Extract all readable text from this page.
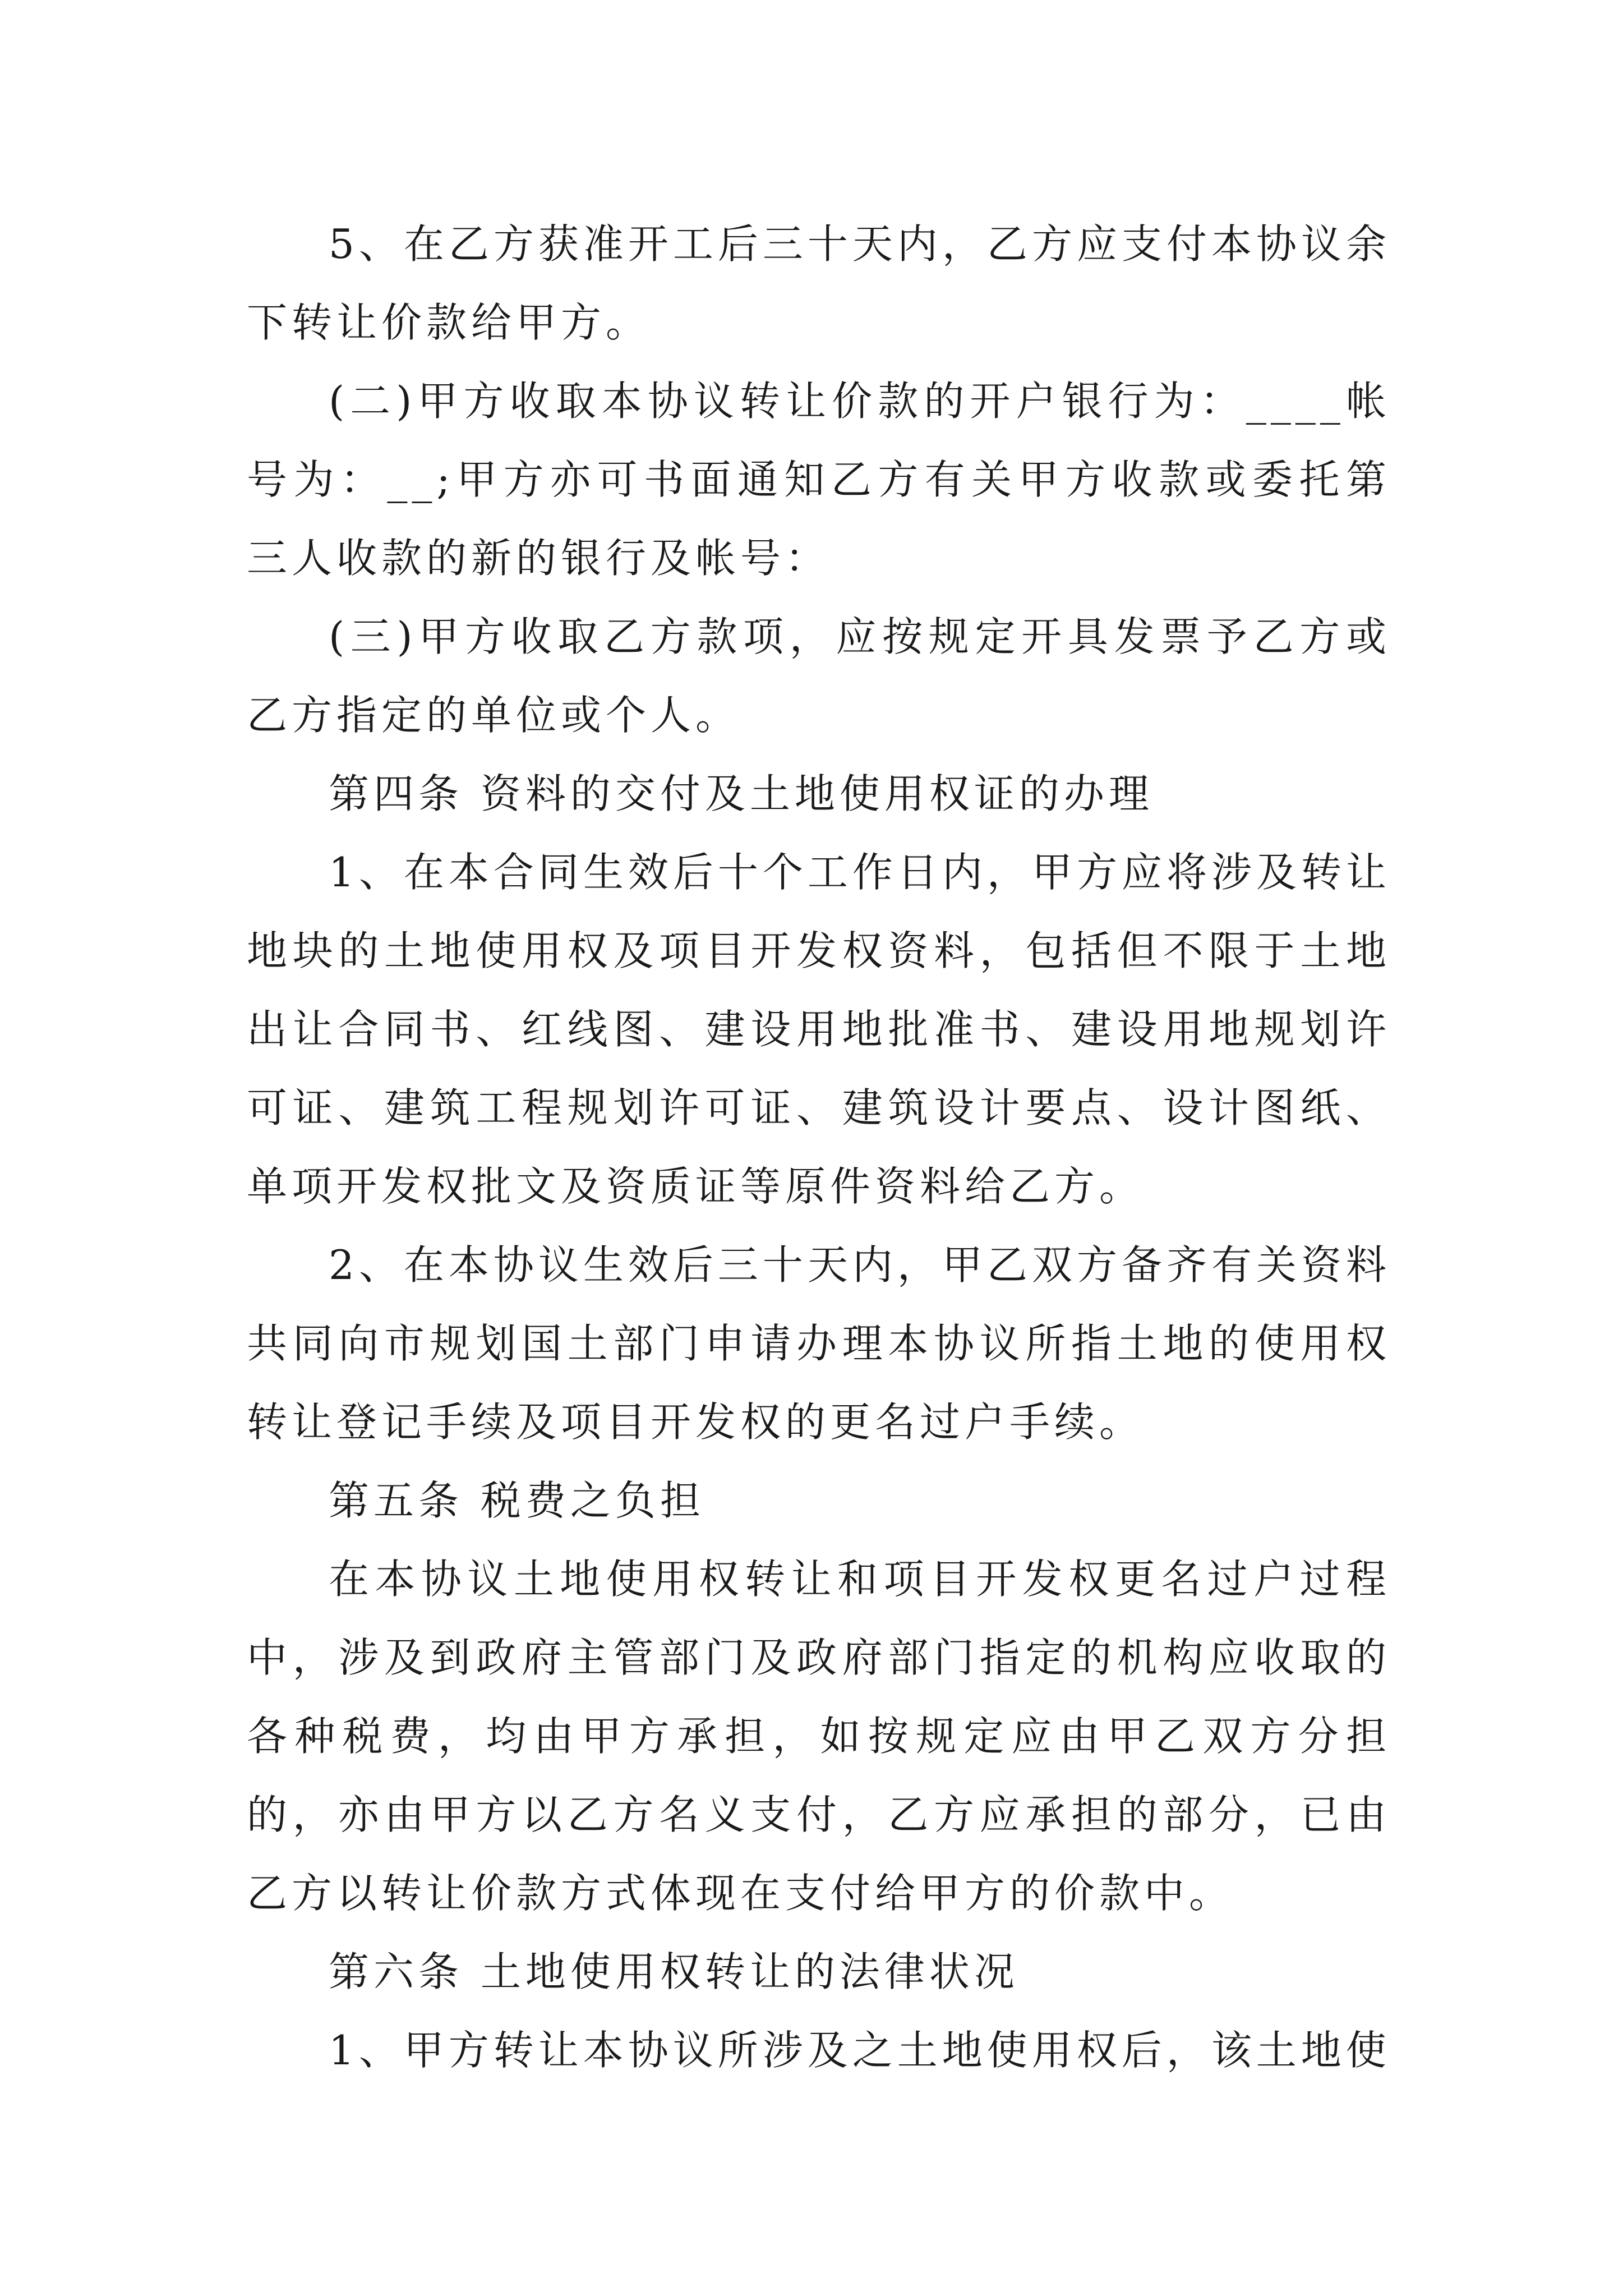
5、在乙方获准开工后三十天内，乙方应支付本协议余下转让价款给甲方。

(二)甲方收取本协议转让价款的开户银行为：____帐号为：__;甲方亦可书面通知乙方有关甲方收款或委托第三人收款的新的银行及帐号：

(三)甲方收取乙方款项，应按规定开具发票予乙方或乙方指定的单位或个人。

第四条 资料的交付及土地使用权证的办理

1、在本合同生效后十个工作日内，甲方应将涉及转让地块的土地使用权及项目开发权资料，包括但不限于土地出让合同书、红线图、建设用地批准书、建设用地规划许可证、建筑工程规划许可证、建筑设计要点、设计图纸、单项开发权批文及资质证等原件资料给乙方。

2、在本协议生效后三十天内，甲乙双方备齐有关资料共同向市规划国土部门申请办理本协议所指土地的使用权转让登记手续及项目开发权的更名过户手续。

第五条 税费之负担

在本协议土地使用权转让和项目开发权更名过户过程中，涉及到政府主管部门及政府部门指定的机构应收取的各种税费，均由甲方承担，如按规定应由甲乙双方分担的，亦由甲方以乙方名义支付，乙方应承担的部分，已由乙方以转让价款方式体现在支付给甲方的价款中。

第六条 土地使用权转让的法律状况

1、甲方转让本协议所涉及之土地使用权后，该土地使
